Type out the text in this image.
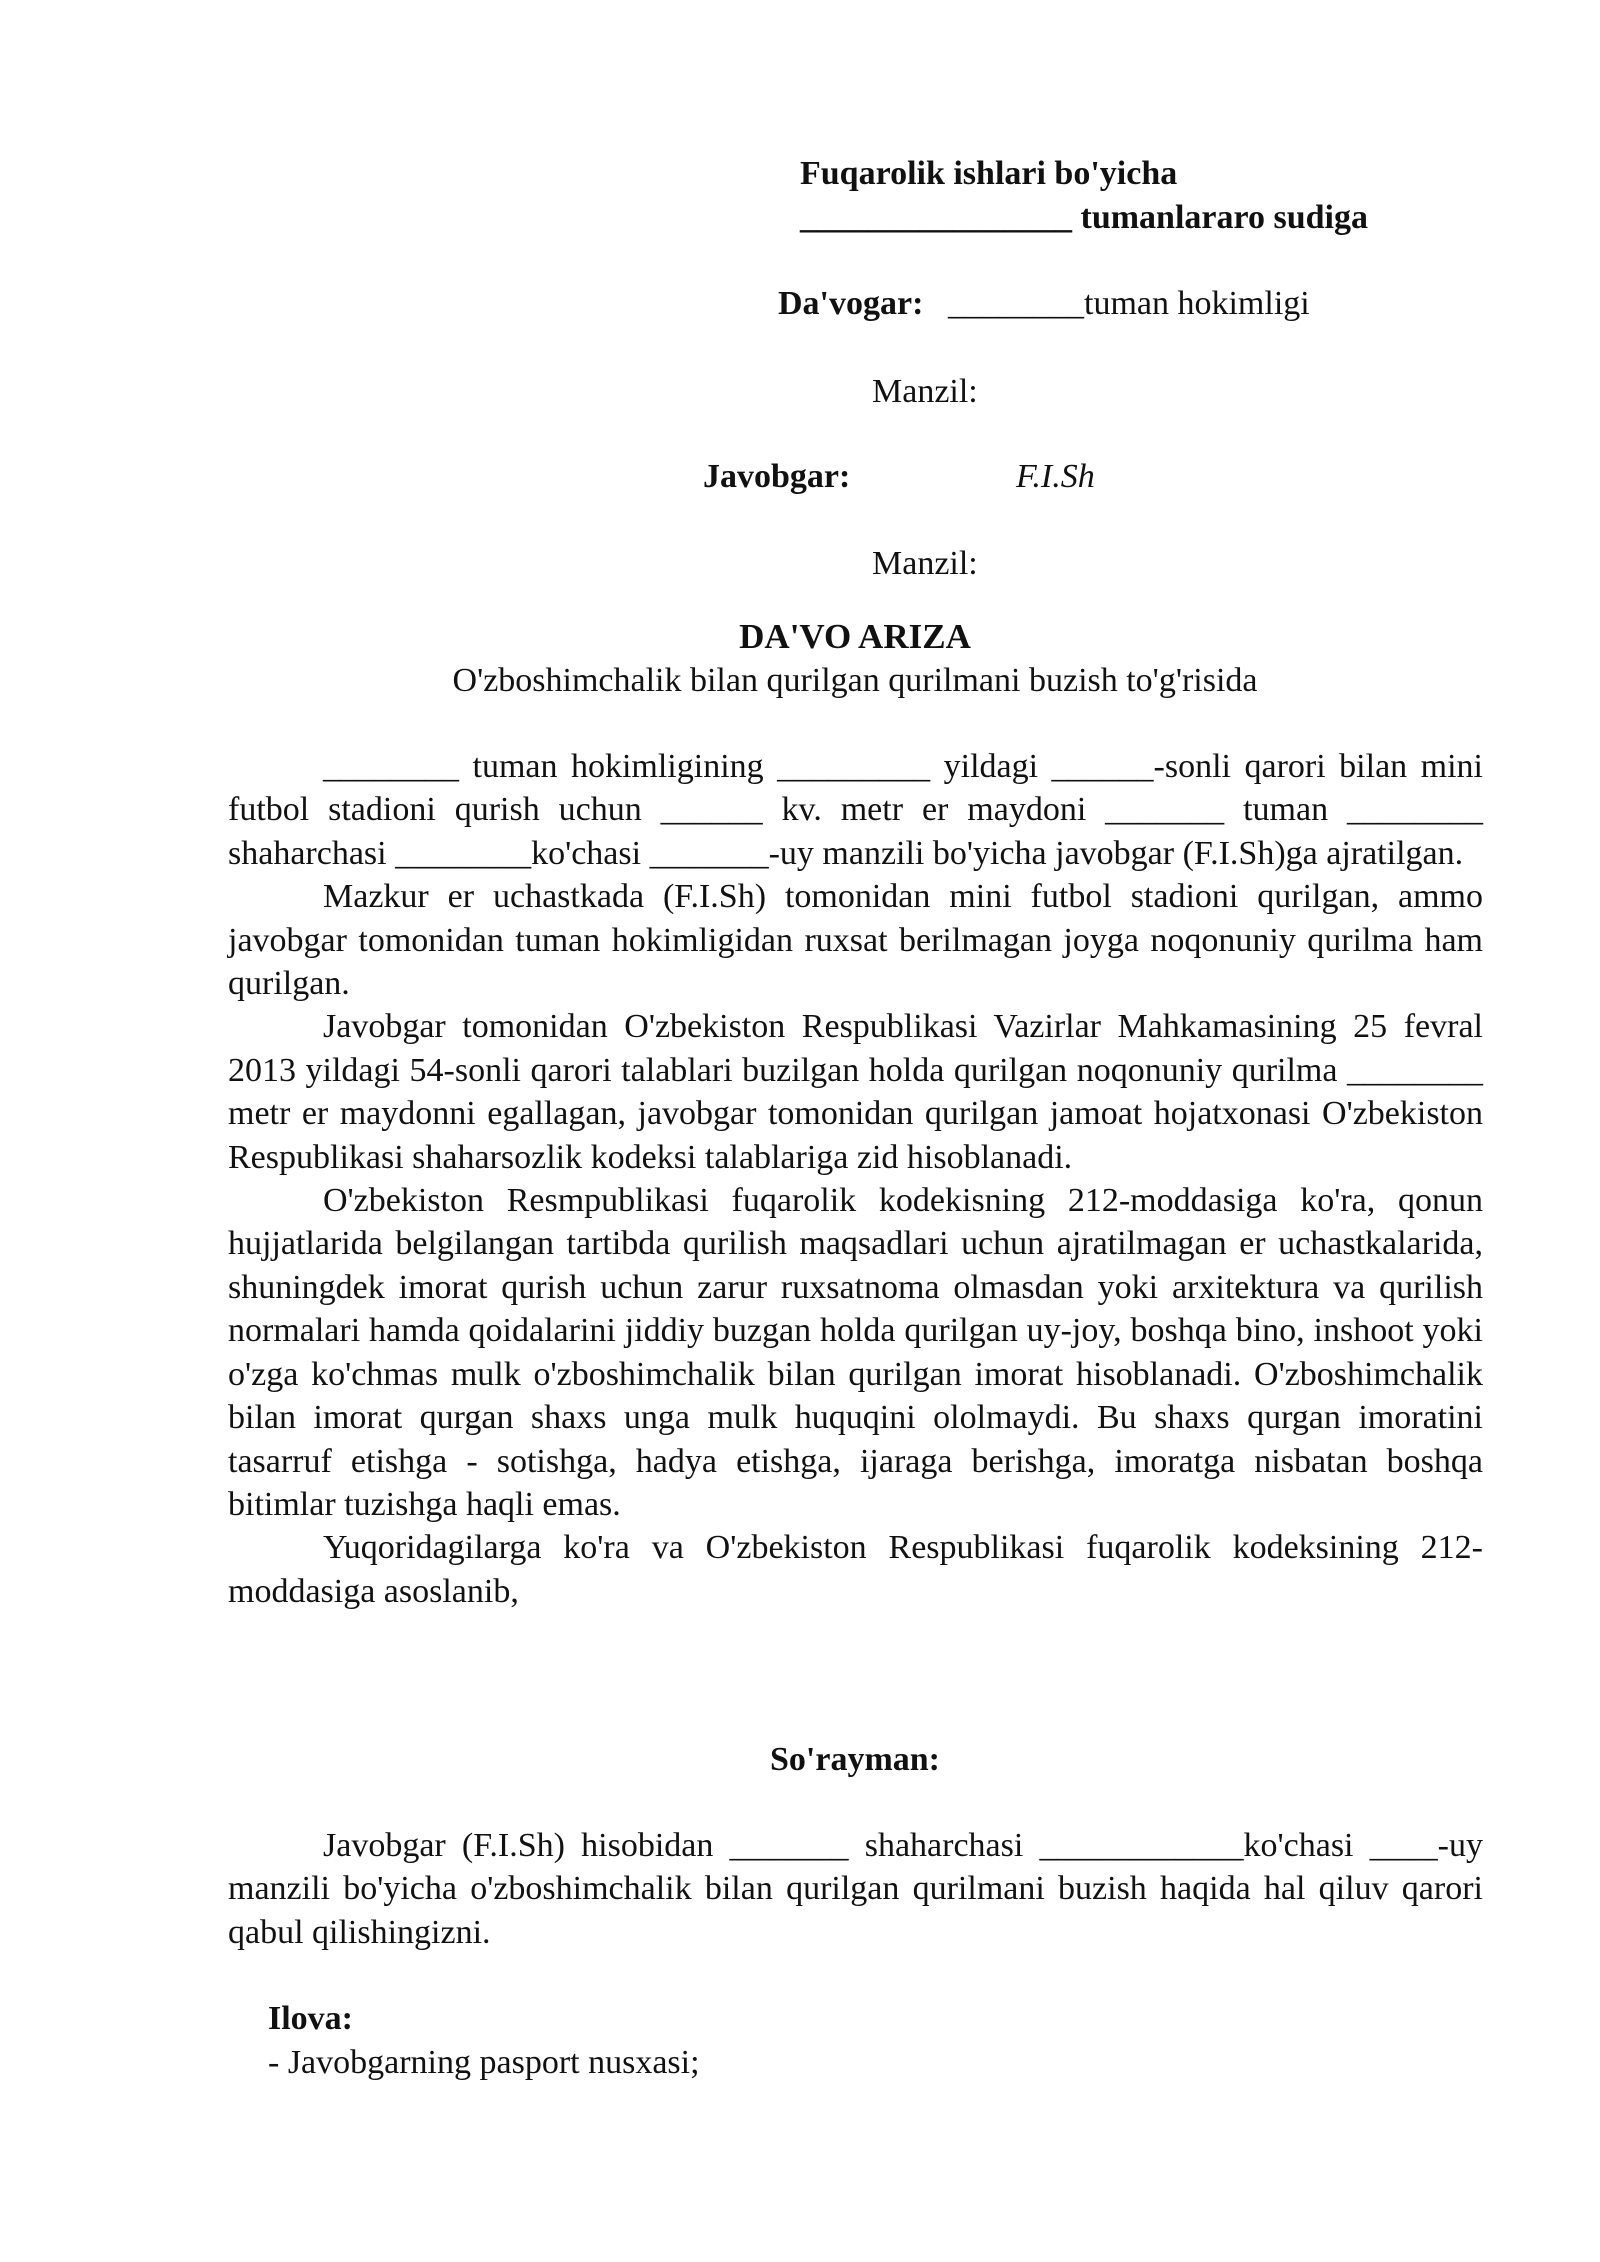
Fuqarolik ishlari bo'yicha
________________ tumanlararo sudiga
Da'vogar: ________tuman hokimligi
Manzil:
Javobgar:	F.I.Sh
Manzil:
DA'VO ARIZA
O'zboshimchalik bilan qurilgan qurilmani buzish to'g'risida

________ tuman hokimligining _________ yildagi ______-sonli qarori bilan mini futbol stadioni qurish uchun ______ kv. metr er maydoni _______ tuman ________ shaharchasi ________ko'chasi _______-uy manzili bo'yicha javobgar (F.I.Sh)ga ajratilgan.

Mazkur er uchastkada (F.I.Sh) tomonidan mini futbol stadioni qurilgan, ammo javobgar tomonidan tuman hokimligidan ruxsat berilmagan joyga noqonuniy qurilma ham qurilgan.

Javobgar tomonidan O'zbekiston Respublikasi Vazirlar Mahkamasining 25 fevral 2013 yildagi 54-sonli qarori talablari buzilgan holda qurilgan noqonuniy qurilma ________ metr er maydonni egallagan, javobgar tomonidan qurilgan jamoat hojatxonasi O'zbekiston Respublikasi shaharsozlik kodeksi talablariga zid hisoblanadi.

O'zbekiston Resmpublikasi fuqarolik kodekisning 212-moddasiga ko'ra, qonun hujjatlarida belgilangan tartibda qurilish maqsadlari uchun ajratilmagan er uchastkalarida, shuningdek imorat qurish uchun zarur ruxsatnoma olmasdan yoki arxitektura va qurilish normalari hamda qoidalarini jiddiy buzgan holda qurilgan uy-joy, boshqa bino, inshoot yoki o'zga ko'chmas mulk o'zboshimchalik bilan qurilgan imorat hisoblanadi. O'zboshimchalik bilan imorat qurgan shaxs unga mulk huquqini ololmaydi. Bu shaxs qurgan imoratini tasarruf etishga - sotishga, hadya etishga, ijaraga berishga, imoratga nisbatan boshqa bitimlar tuzishga haqli emas.

Yuqoridagilarga ko'ra va O'zbekiston Respublikasi fuqarolik kodeksining 212-moddasiga asoslanib,

So'rayman:

Javobgar (F.I.Sh) hisobidan _______ shaharchasi ____________ko'chasi ____-uy manzili bo'yicha o'zboshimchalik bilan qurilgan qurilmani buzish haqida hal qiluv qarori qabul qilishingizni.

Ilova:
- Javobgarning pasport nusxasi;
